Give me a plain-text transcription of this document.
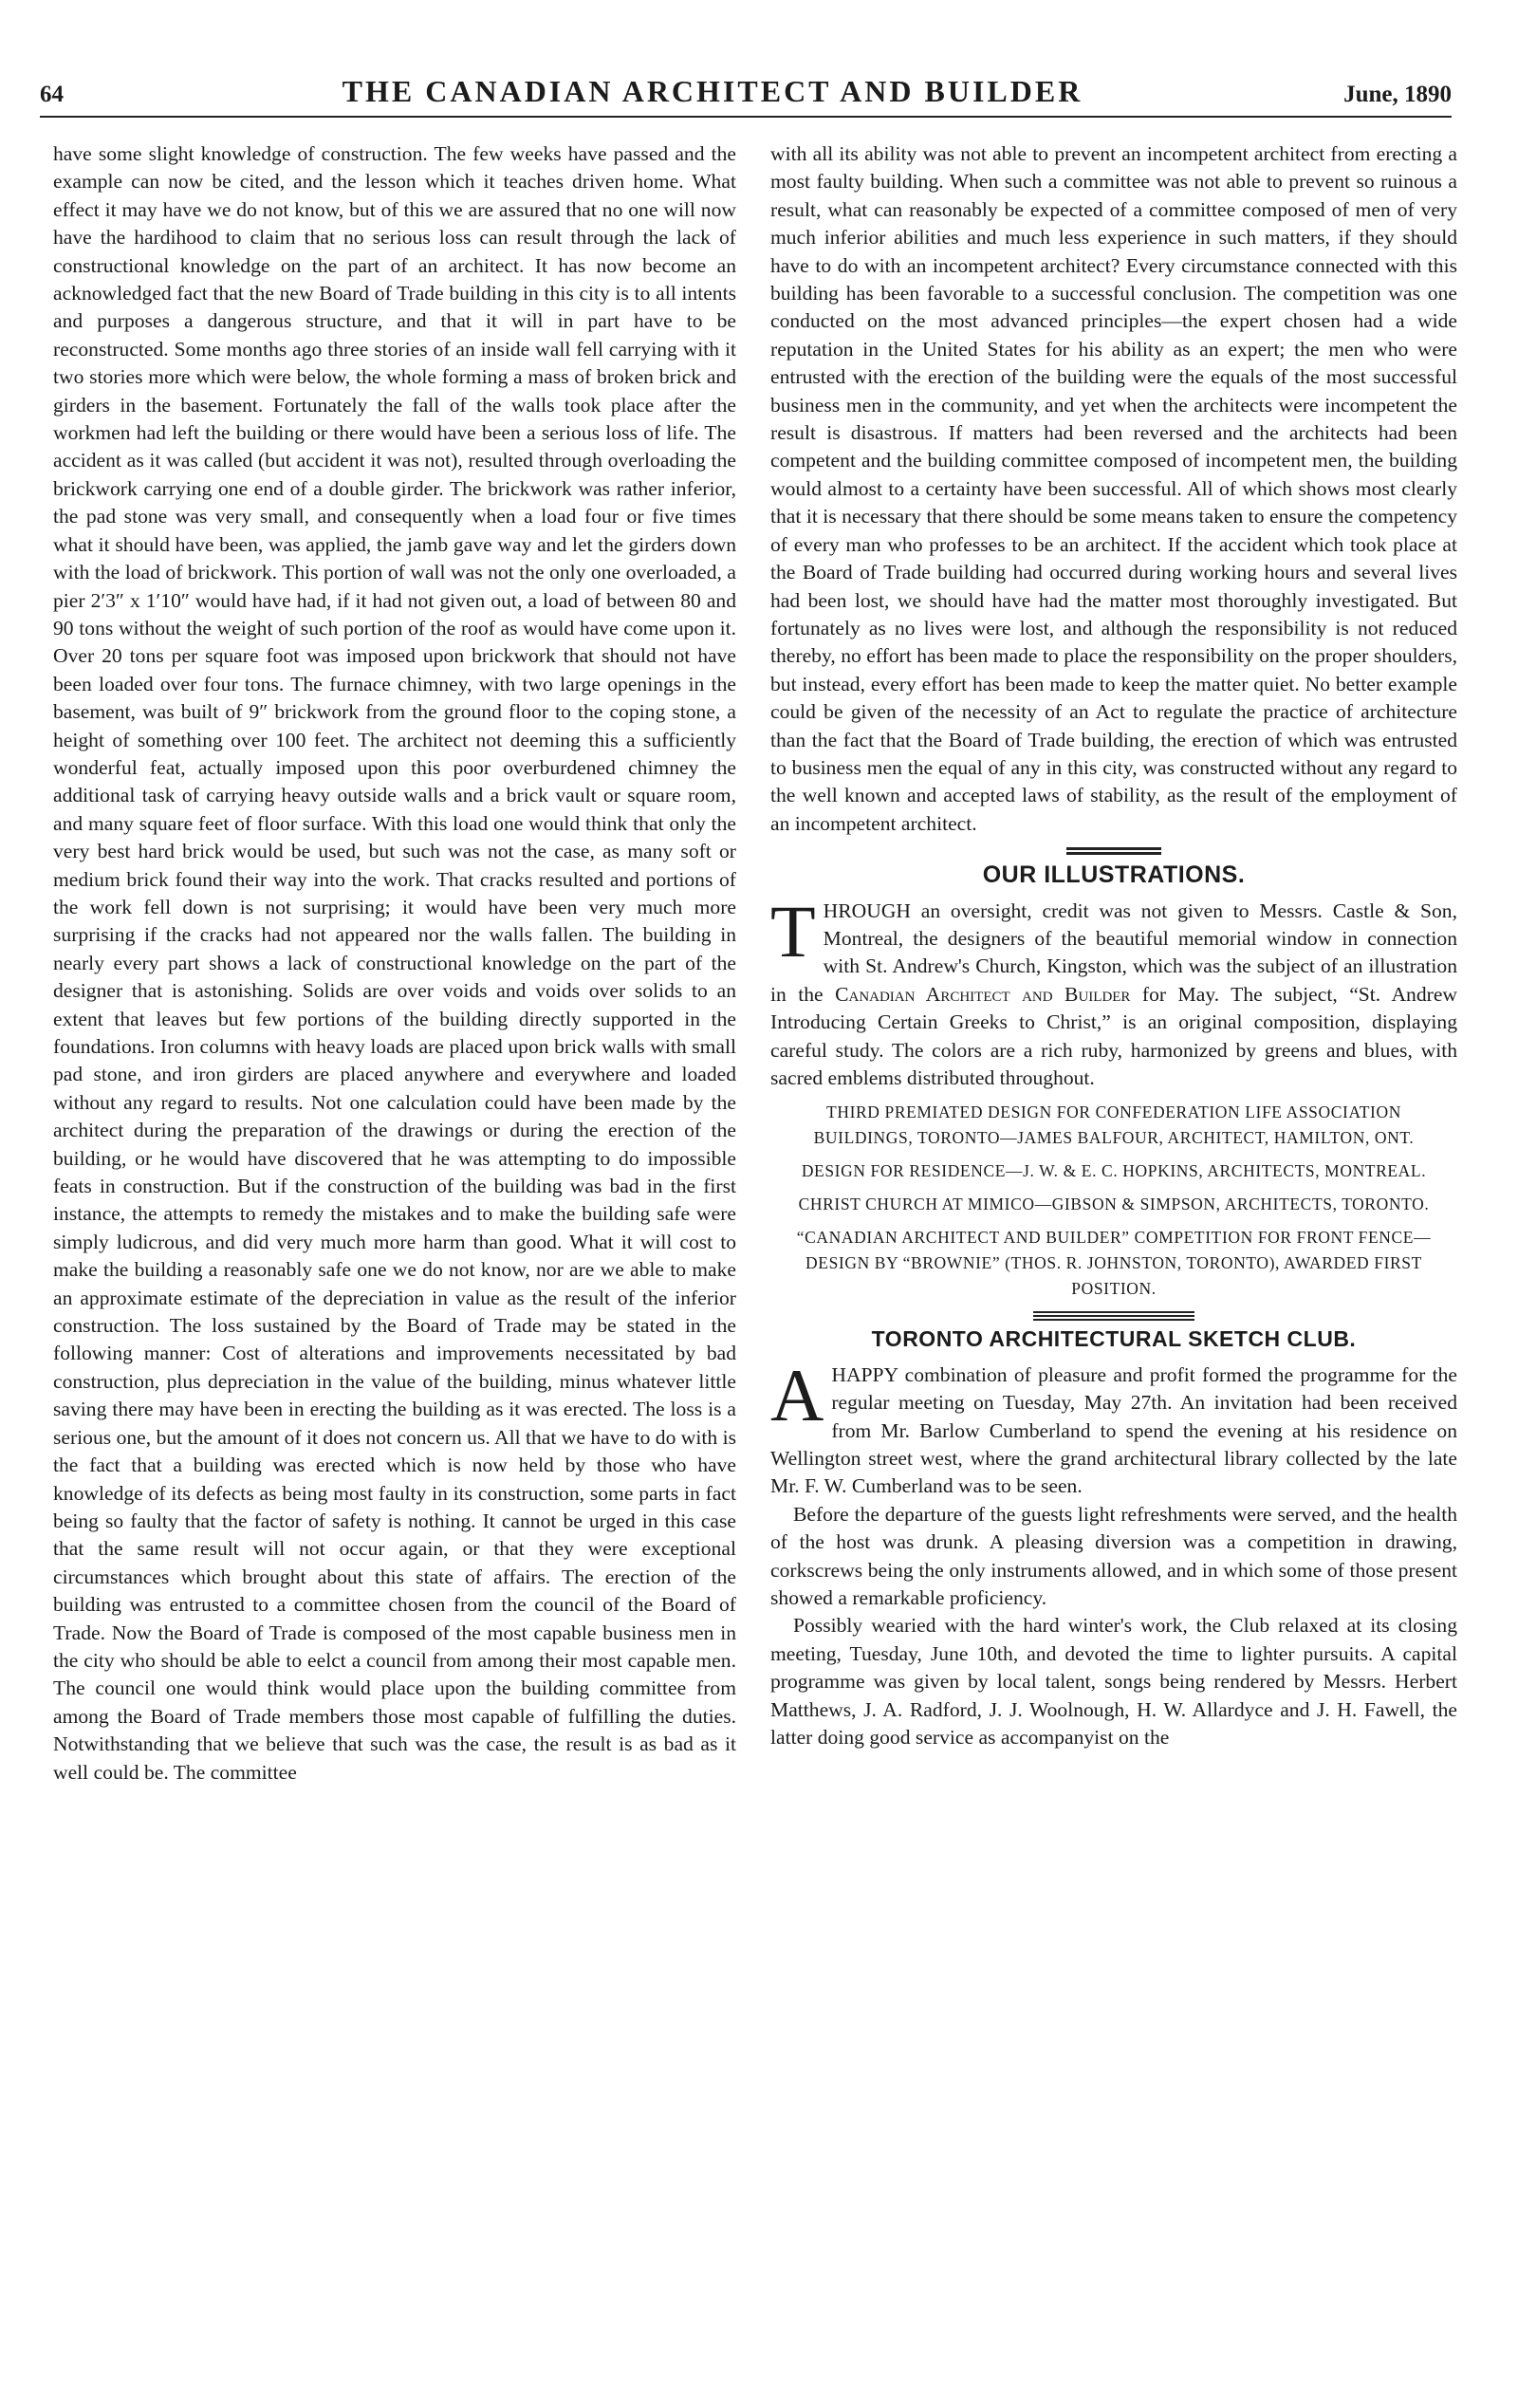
64	THE CANADIAN ARCHITECT AND BUILDER	June, 1890

have some slight knowledge of construction. The few weeks have passed and the example can now be cited, and the lesson which it teaches driven home. What effect it may have we do not know, but of this we are assured that no one will now have the hardihood to claim that no serious loss can result through the lack of constructional knowledge on the part of an architect. It has now become an acknowledged fact that the new Board of Trade building in this city is to all intents and purposes a dangerous structure, and that it will in part have to be reconstructed. Some months ago three stories of an inside wall fell carrying with it two stories more which were below, the whole forming a mass of broken brick and girders in the basement. Fortunately the fall of the walls took place after the workmen had left the building or there would have been a serious loss of life. The accident as it was called (but accident it was not), resulted through overloading the brickwork carrying one end of a double girder. The brickwork was rather inferior, the pad stone was very small, and consequently when a load four or five times what it should have been, was applied, the jamb gave way and let the girders down with the load of brickwork. This portion of wall was not the only one overloaded, a pier 2′3″ x 1′10″ would have had, if it had not given out, a load of between 80 and 90 tons without the weight of such portion of the roof as would have come upon it. Over 20 tons per square foot was imposed upon brickwork that should not have been loaded over four tons. The furnace chimney, with two large openings in the basement, was built of 9″ brickwork from the ground floor to the coping stone, a height of something over 100 feet. The architect not deeming this a sufficiently wonderful feat, actually imposed upon this poor overburdened chimney the additional task of carrying heavy outside walls and a brick vault or square room, and many square feet of floor surface. With this load one would think that only the very best hard brick would be used, but such was not the case, as many soft or medium brick found their way into the work. That cracks resulted and portions of the work fell down is not surprising; it would have been very much more surprising if the cracks had not appeared nor the walls fallen. The building in nearly every part shows a lack of constructional knowledge on the part of the designer that is astonishing. Solids are over voids and voids over solids to an extent that leaves but few portions of the building directly supported in the foundations. Iron columns with heavy loads are placed upon brick walls with small pad stone, and iron girders are placed anywhere and everywhere and loaded without any regard to results. Not one calculation could have been made by the architect during the preparation of the drawings or during the erection of the building, or he would have discovered that he was attempting to do impossible feats in construction. But if the construction of the building was bad in the first instance, the attempts to remedy the mistakes and to make the building safe were simply ludicrous, and did very much more harm than good. What it will cost to make the building a reasonably safe one we do not know, nor are we able to make an approximate estimate of the depreciation in value as the result of the inferior construction. The loss sustained by the Board of Trade may be stated in the following manner: Cost of alterations and improvements necessitated by bad construction, plus depreciation in the value of the building, minus whatever little saving there may have been in erecting the building as it was erected. The loss is a serious one, but the amount of it does not concern us. All that we have to do with is the fact that a building was erected which is now held by those who have knowledge of its defects as being most faulty in its construction, some parts in fact being so faulty that the factor of safety is nothing. It cannot be urged in this case that the same result will not occur again, or that they were exceptional circumstances which brought about this state of affairs. The erection of the building was entrusted to a committee chosen from the council of the Board of Trade. Now the Board of Trade is composed of the most capable business men in the city who should be able to eelct a council from among their most capable men. The council one would think would place upon the building committee from among the Board of Trade members those most capable of fulfilling the duties. Notwithstanding that we believe that such was the case, the result is as bad as it well could be. The committee

with all its ability was not able to prevent an incompetent architect from erecting a most faulty building. When such a committee was not able to prevent so ruinous a result, what can reasonably be expected of a committee composed of men of very much inferior abilities and much less experience in such matters, if they should have to do with an incompetent architect? Every circumstance connected with this building has been favorable to a successful conclusion. The competition was one conducted on the most advanced principles—the expert chosen had a wide reputation in the United States for his ability as an expert; the men who were entrusted with the erection of the building were the equals of the most successful business men in the community, and yet when the architects were incompetent the result is disastrous. If matters had been reversed and the architects had been competent and the building committee composed of incompetent men, the building would almost to a certainty have been successful. All of which shows most clearly that it is necessary that there should be some means taken to ensure the competency of every man who professes to be an architect. If the accident which took place at the Board of Trade building had occurred during working hours and several lives had been lost, we should have had the matter most thoroughly investigated. But fortunately as no lives were lost, and although the responsibility is not reduced thereby, no effort has been made to place the responsibility on the proper shoulders, but instead, every effort has been made to keep the matter quiet. No better example could be given of the necessity of an Act to regulate the practice of architecture than the fact that the Board of Trade building, the erection of which was entrusted to business men the equal of any in this city, was constructed without any regard to the well known and accepted laws of stability, as the result of the employment of an incompetent architect.

OUR ILLUSTRATIONS.

THROUGH an oversight, credit was not given to Messrs. Castle & Son, Montreal, the designers of the beautiful memorial window in connection with St. Andrew's Church, Kingston, which was the subject of an illustration in the Canadian Architect and Builder for May. The subject, “St. Andrew Introducing Certain Greeks to Christ,” is an original composition, displaying careful study. The colors are a rich ruby, harmonized by greens and blues, with sacred emblems distributed throughout.

THIRD PREMIATED DESIGN FOR CONFEDERATION LIFE ASSOCIATION BUILDINGS, TORONTO—JAMES BALFOUR, ARCHITECT, HAMILTON, ONT.
DESIGN FOR RESIDENCE—J. W. & E. C. HOPKINS, ARCHITECTS, MONTREAL.
CHRIST CHURCH AT MIMICO—GIBSON & SIMPSON, ARCHITECTS, TORONTO.
“CANADIAN ARCHITECT AND BUILDER” COMPETITION FOR FRONT FENCE—DESIGN BY “BROWNIE” (THOS. R. JOHNSTON, TORONTO), AWARDED FIRST POSITION.
TORONTO ARCHITECTURAL SKETCH CLUB.

AHAPPY combination of pleasure and profit formed the programme for the regular meeting on Tuesday, May 27th. An invitation had been received from Mr. Barlow Cumberland to spend the evening at his residence on Wellington street west, where the grand architectural library collected by the late Mr. F. W. Cumberland was to be seen.

Before the departure of the guests light refreshments were served, and the health of the host was drunk. A pleasing diversion was a competition in drawing, corkscrews being the only instruments allowed, and in which some of those present showed a remarkable proficiency.

Possibly wearied with the hard winter's work, the Club relaxed at its closing meeting, Tuesday, June 10th, and devoted the time to lighter pursuits. A capital programme was given by local talent, songs being rendered by Messrs. Herbert Matthews, J. A. Radford, J. J. Woolnough, H. W. Allardyce and J. H. Fawell, the latter doing good service as accompanyist on the
